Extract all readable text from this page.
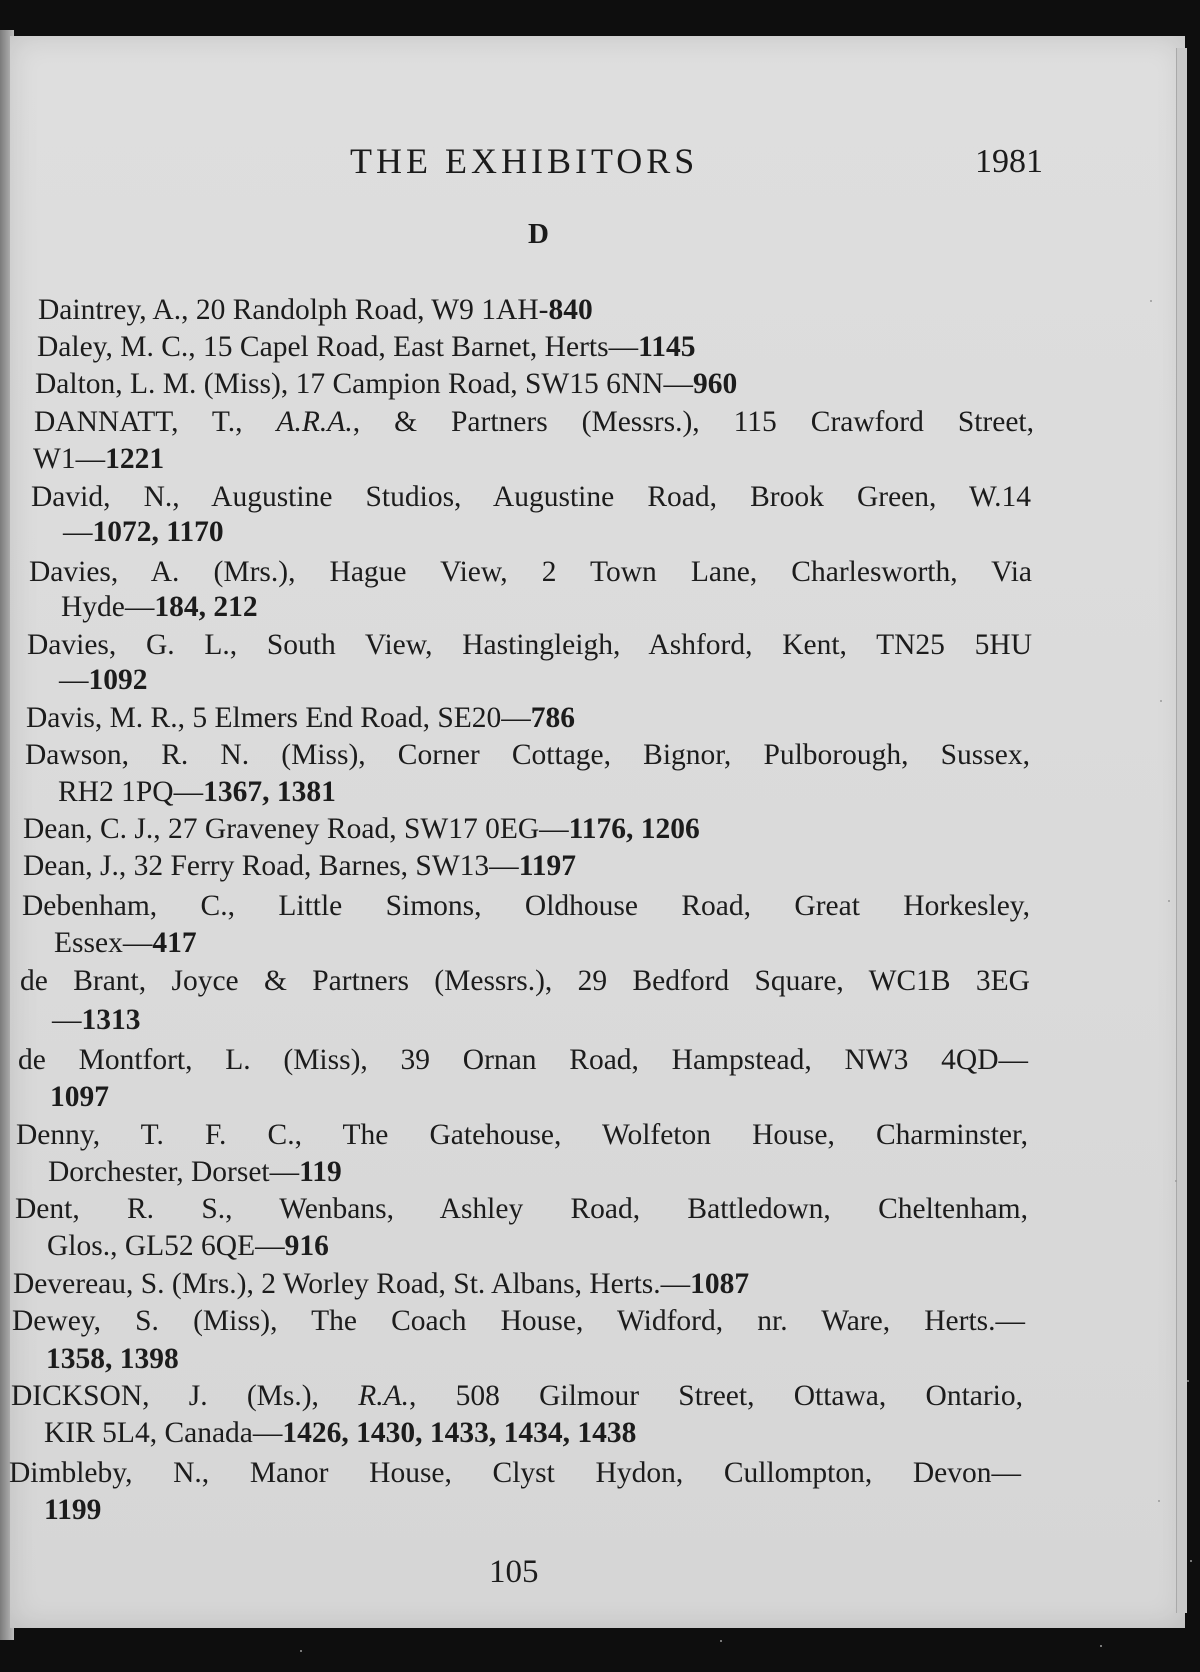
THE EXHIBITORS	1981
D
Daintrey, A., 20 Randolph Road, W9 1AH-840
Daley, M. C., 15 Capel Road, East Barnet, Herts—1145
Dalton, L. M. (Miss), 17 Campion Road, SW15 6NN—960
DANNATT, T., A.R.A., & Partners (Messrs.), 115 Crawford Street,
W1—1221
David, N., Augustine Studios, Augustine Road, Brook Green, W.14
—1072, 1170
Davies, A. (Mrs.), Hague View, 2 Town Lane, Charlesworth, Via
Hyde—184, 212
Davies, G. L., South View, Hastingleigh, Ashford, Kent, TN25 5HU
—1092
Davis, M. R., 5 Elmers End Road, SE20—786
Dawson, R. N. (Miss), Corner Cottage, Bignor, Pulborough, Sussex,
RH2 1PQ—1367, 1381
Dean, C. J., 27 Graveney Road, SW17 0EG—1176, 1206
Dean, J., 32 Ferry Road, Barnes, SW13—1197
Debenham, C., Little Simons, Oldhouse Road, Great Horkesley,
Essex—417
de Brant, Joyce & Partners (Messrs.), 29 Bedford Square, WC1B 3EG
—1313
de Montfort, L. (Miss), 39 Ornan Road, Hampstead, NW3 4QD—
1097
Denny, T. F. C., The Gatehouse, Wolfeton House, Charminster,
Dorchester, Dorset—119
Dent, R. S., Wenbans, Ashley Road, Battledown, Cheltenham,
Glos., GL52 6QE—916
Devereau, S. (Mrs.), 2 Worley Road, St. Albans, Herts.—1087
Dewey, S. (Miss), The Coach House, Widford, nr. Ware, Herts.—
1358, 1398
DICKSON, J. (Ms.), R.A., 508 Gilmour Street, Ottawa, Ontario,
KIR 5L4, Canada—1426, 1430, 1433, 1434, 1438
Dimbleby, N., Manor House, Clyst Hydon, Cullompton, Devon—
1199
105
